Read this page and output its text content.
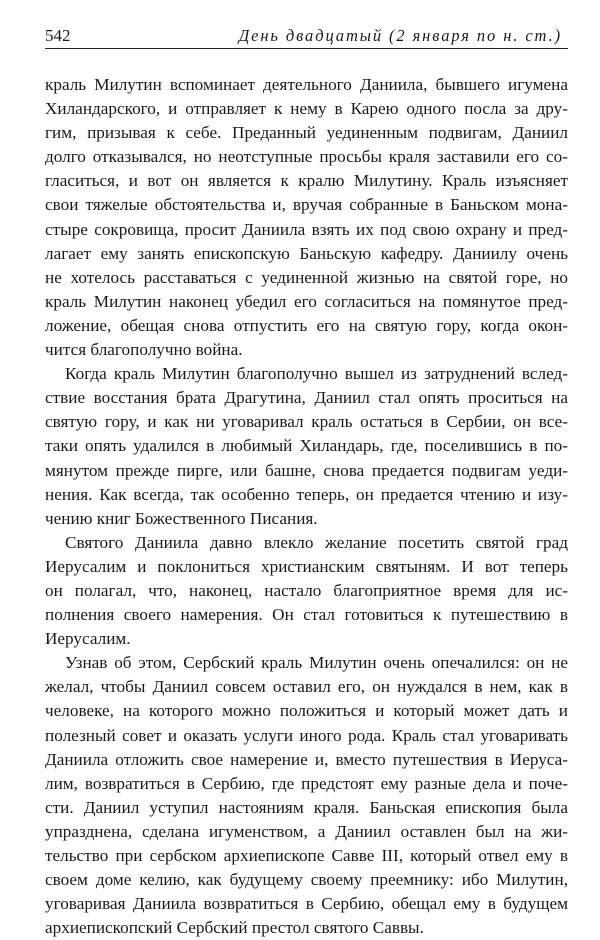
542	День двадцатый (2 января по н. ст.)
краль Милутин вспоминает деятельного Даниила, бывшего игумена
Хиландарского, и отправляет к нему в Карею одного посла за дру-
гим, призывая к себе. Преданный уединенным подвигам, Даниил
долго отказывался, но неотступные просьбы краля заставили его со-
гласиться, и вот он является к кралю Милутину. Краль изъясняет
свои тяжелые обстоятельства и, вручая собранные в Баньском мона-
стыре сокровища, просит Даниила взять их под свою охрану и пред-
лагает ему занять епископскую Баньскую кафедру. Даниилу очень
не хотелось расставаться с уединенной жизнью на святой горе, но
краль Милутин наконец убедил его согласиться на помянутое пред-
ложение, обещая снова отпустить его на святую гору, когда окон-
чится благополучно война.
Когда краль Милутин благополучно вышел из затруднений вслед-
ствие восстания брата Драгутина, Даниил стал опять проситься на
святую гору, и как ни уговаривал краль остаться в Сербии, он все-
таки опять удалился в любимый Хиландарь, где, поселившись в по-
мянутом прежде пирге, или башне, снова предается подвигам уеди-
нения. Как всегда, так особенно теперь, он предается чтению и изу-
чению книг Божественного Писания.
Святого Даниила давно влекло желание посетить святой град
Иерусалим и поклониться христианским святыням. И вот теперь
он полагал, что, наконец, настало благоприятное время для ис-
полнения своего намерения. Он стал готовиться к путешествию в
Иерусалим.
Узнав об этом, Сербский краль Милутин очень опечалился: он не
желал, чтобы Даниил совсем оставил его, он нуждался в нем, как в
человеке, на которого можно положиться и который может дать и
полезный совет и оказать услуги иного рода. Краль стал уговаривать
Даниила отложить свое намерение и, вместо путешествия в Иеруса-
лим, возвратиться в Сербию, где предстоят ему разные дела и поче-
сти. Даниил уступил настояниям краля. Баньская епископия была
упразднена, сделана игуменством, а Даниил оставлен был на жи-
тельство при сербском архиепископе Савве III, который отвел ему в
своем доме келию, как будущему своему преемнику: ибо Милутин,
уговаривая Даниила возвратиться в Сербию, обещал ему в будущем
архиепископский Сербский престол святого Саввы.
